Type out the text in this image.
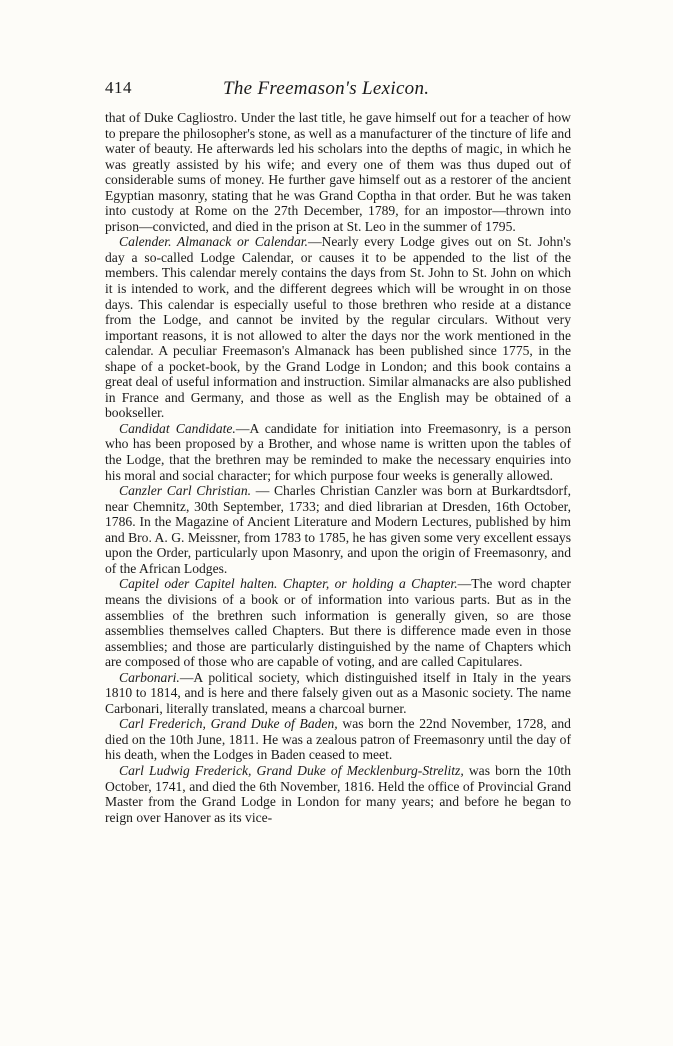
414	The Freemason's Lexicon.

that of Duke Cagliostro. Under the last title, he gave himself out for a teacher of how to prepare the philosopher's stone, as well as a manufacturer of the tincture of life and water of beauty. He afterwards led his scholars into the depths of magic, in which he was greatly assisted by his wife; and every one of them was thus duped out of considerable sums of money. He further gave himself out as a restorer of the ancient Egyptian masonry, stating that he was Grand Coptha in that order. But he was taken into custody at Rome on the 27th December, 1789, for an impostor—thrown into prison—convicted, and died in the prison at St. Leo in the summer of 1795.

Calender. Almanack or Calendar.—Nearly every Lodge gives out on St. John's day a so-called Lodge Calendar, or causes it to be appended to the list of the members. This calendar merely contains the days from St. John to St. John on which it is intended to work, and the different degrees which will be wrought in on those days. This calendar is especially useful to those brethren who reside at a distance from the Lodge, and cannot be invited by the regular circulars. Without very important reasons, it is not allowed to alter the days nor the work mentioned in the calendar. A peculiar Freemason's Almanack has been published since 1775, in the shape of a pocket-book, by the Grand Lodge in London; and this book contains a great deal of useful information and instruction. Similar almanacks are also published in France and Germany, and those as well as the English may be obtained of a bookseller.

Candidat Candidate.—A candidate for initiation into Freemasonry, is a person who has been proposed by a Brother, and whose name is written upon the tables of the Lodge, that the brethren may be reminded to make the necessary enquiries into his moral and social character; for which purpose four weeks is generally allowed.

Canzler Carl Christian. — Charles Christian Canzler was born at Burkardtsdorf, near Chemnitz, 30th September, 1733; and died librarian at Dresden, 16th October, 1786. In the Magazine of Ancient Literature and Modern Lectures, published by him and Bro. A. G. Meissner, from 1783 to 1785, he has given some very excellent essays upon the Order, particularly upon Masonry, and upon the origin of Freemasonry, and of the African Lodges.

Capitel oder Capitel halten. Chapter, or holding a Chapter.—The word chapter means the divisions of a book or of information into various parts. But as in the assemblies of the brethren such information is generally given, so are those assemblies themselves called Chapters. But there is difference made even in those assemblies; and those are particularly distinguished by the name of Chapters which are composed of those who are capable of voting, and are called Capitulares.

Carbonari.—A political society, which distinguished itself in Italy in the years 1810 to 1814, and is here and there falsely given out as a Masonic society. The name Carbonari, literally translated, means a charcoal burner.

Carl Frederich, Grand Duke of Baden, was born the 22nd November, 1728, and died on the 10th June, 1811. He was a zealous patron of Freemasonry until the day of his death, when the Lodges in Baden ceased to meet.

Carl Ludwig Frederick, Grand Duke of Mecklenburg-Strelitz, was born the 10th October, 1741, and died the 6th November, 1816. Held the office of Provincial Grand Master from the Grand Lodge in London for many years; and before he began to reign over Hanover as its vice-
